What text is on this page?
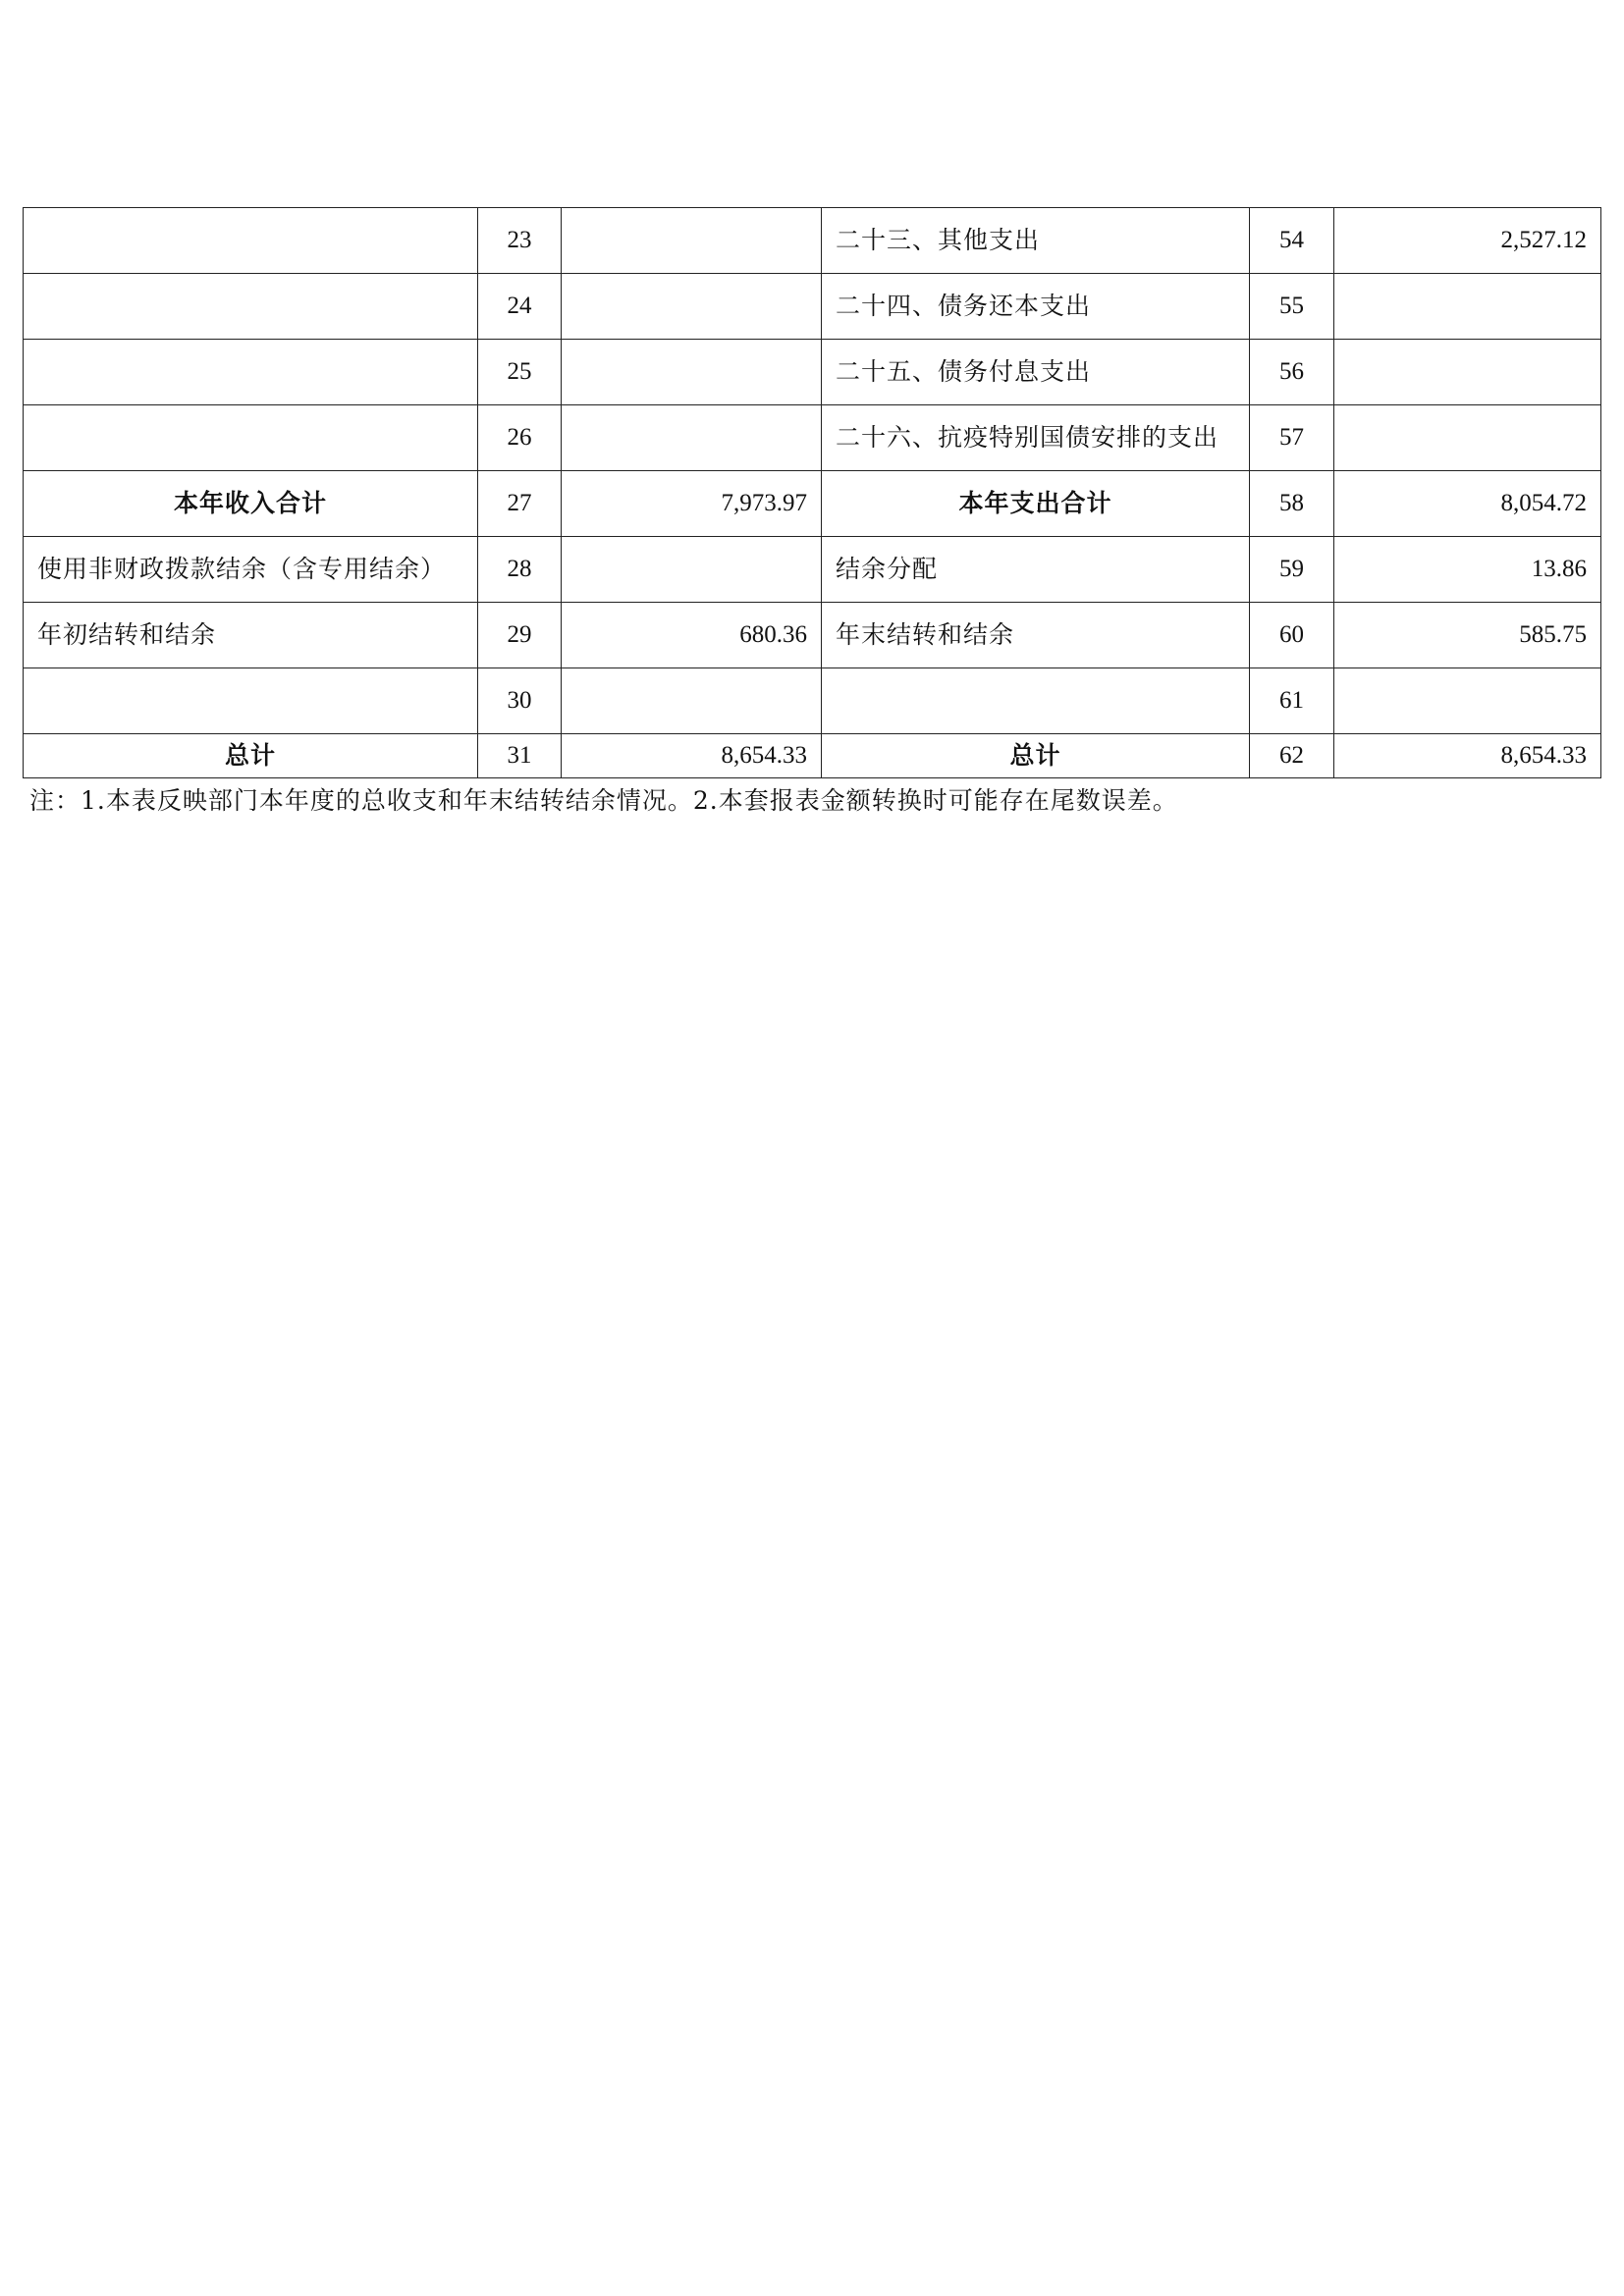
	23		二十三、其他支出	54	2,527.12
	24		二十四、债务还本支出	55	
	25		二十五、债务付息支出	56	
	26		二十六、抗疫特别国债安排的支出	57	
本年收入合计	27	7,973.97	本年支出合计	58	8,054.72
使用非财政拨款结余（含专用结余）	28		结余分配	59	13.86
年初结转和结余	29	680.36	年末结转和结余	60	585.75
	30			61	
总计	31	8,654.33	总计	62	8,654.33
注：1.本表反映部门本年度的总收支和年末结转结余情况。2.本套报表金额转换时可能存在尾数误差。
